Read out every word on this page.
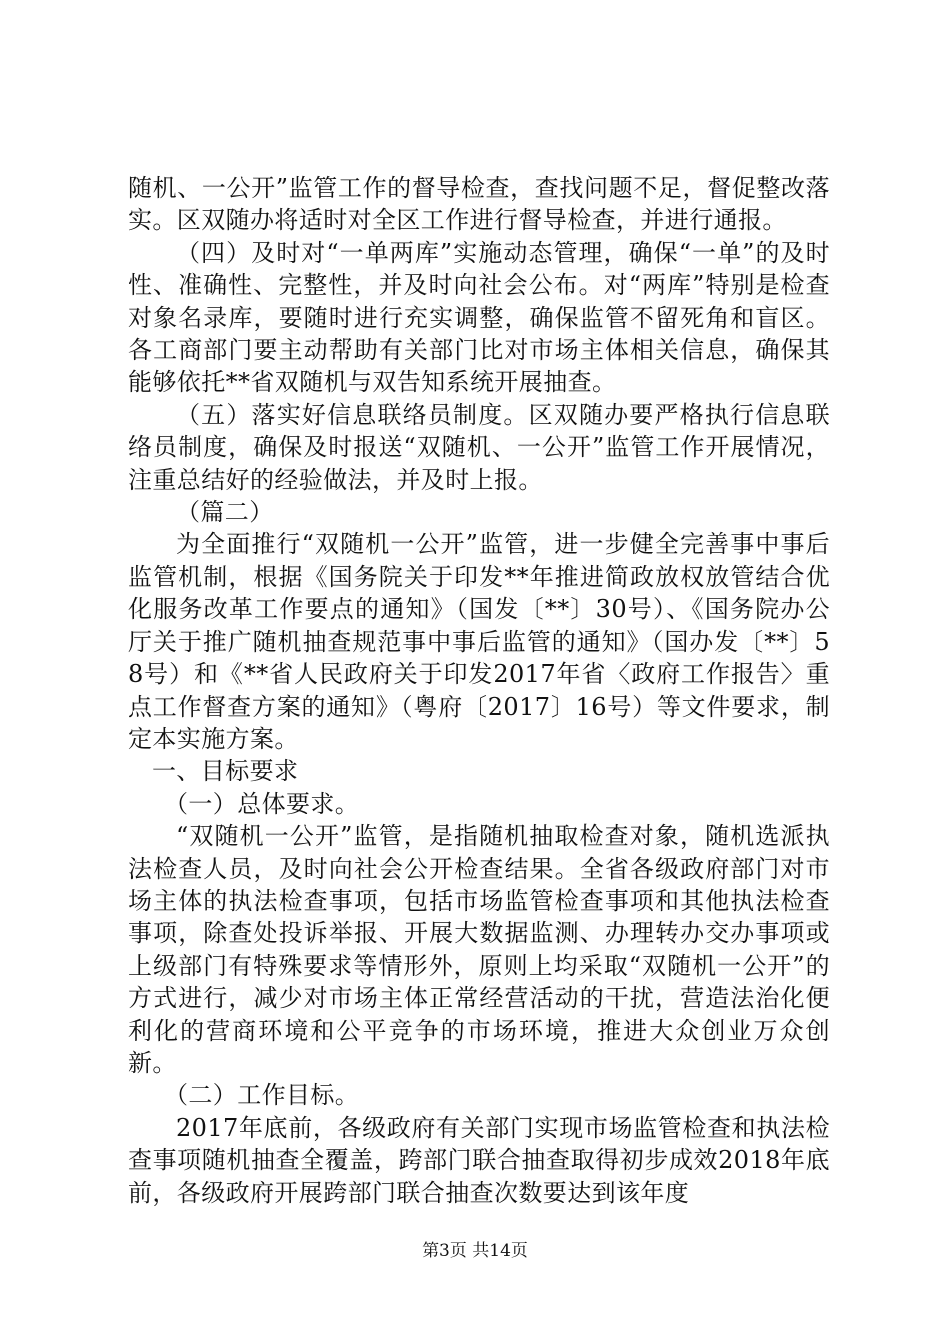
随机、一公开”监管工作的督导检查，查找问题不足，督促整改落实。区双随办将适时对全区工作进行督导检查，并进行通报。

（四）及时对“一单两库”实施动态管理，确保“一单”的及时性、准确性、完整性，并及时向社会公布。对“两库”特别是检查对象名录库，要随时进行充实调整，确保监管不留死角和盲区。各工商部门要主动帮助有关部门比对市场主体相关信息，确保其能够依托**省双随机与双告知系统开展抽查。

（五）落实好信息联络员制度。区双随办要严格执行信息联络员制度，确保及时报送“双随机、一公开”监管工作开展情况，注重总结好的经验做法，并及时上报。

（篇二）

为全面推行“双随机一公开”监管，进一步健全完善事中事后监管机制，根据《国务院关于印发**年推进简政放权放管结合优化服务改革工作要点的通知》（国发〔**〕30号）、《国务院办公厅关于推广随机抽查规范事中事后监管的通知》（国办发〔**〕58号）和《**省人民政府关于印发2017年省〈政府工作报告〉重点工作督查方案的通知》（粤府〔2017〕16号）等文件要求，制定本实施方案。

一、目标要求

（一）总体要求。

“双随机一公开”监管，是指随机抽取检查对象，随机选派执法检查人员，及时向社会公开检查结果。全省各级政府部门对市场主体的执法检查事项，包括市场监管检查事项和其他执法检查事项，除查处投诉举报、开展大数据监测、办理转办交办事项或上级部门有特殊要求等情形外，原则上均采取“双随机一公开”的方式进行，减少对市场主体正常经营活动的干扰，营造法治化便利化的营商环境和公平竞争的市场环境，推进大众创业万众创新。

（二）工作目标。

2017年底前，各级政府有关部门实现市场监管检查和执法检查事项随机抽查全覆盖，跨部门联合抽查取得初步成效2018年底前，各级政府开展跨部门联合抽查次数要达到该年度

第3页 共14页
